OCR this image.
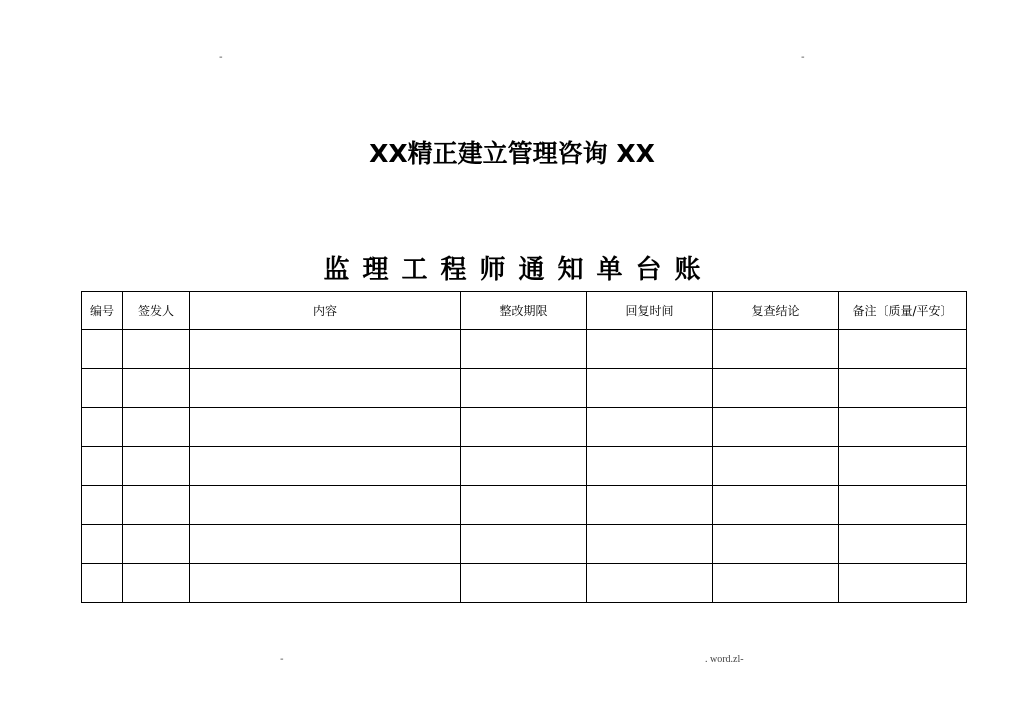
-	-
XX精正建立管理咨询 XX
监理工程师通知单台账
编号	签发人	内容	整改期限	回复时间	复查结论	备注〔质量/平安〕

-	. word.zl-
